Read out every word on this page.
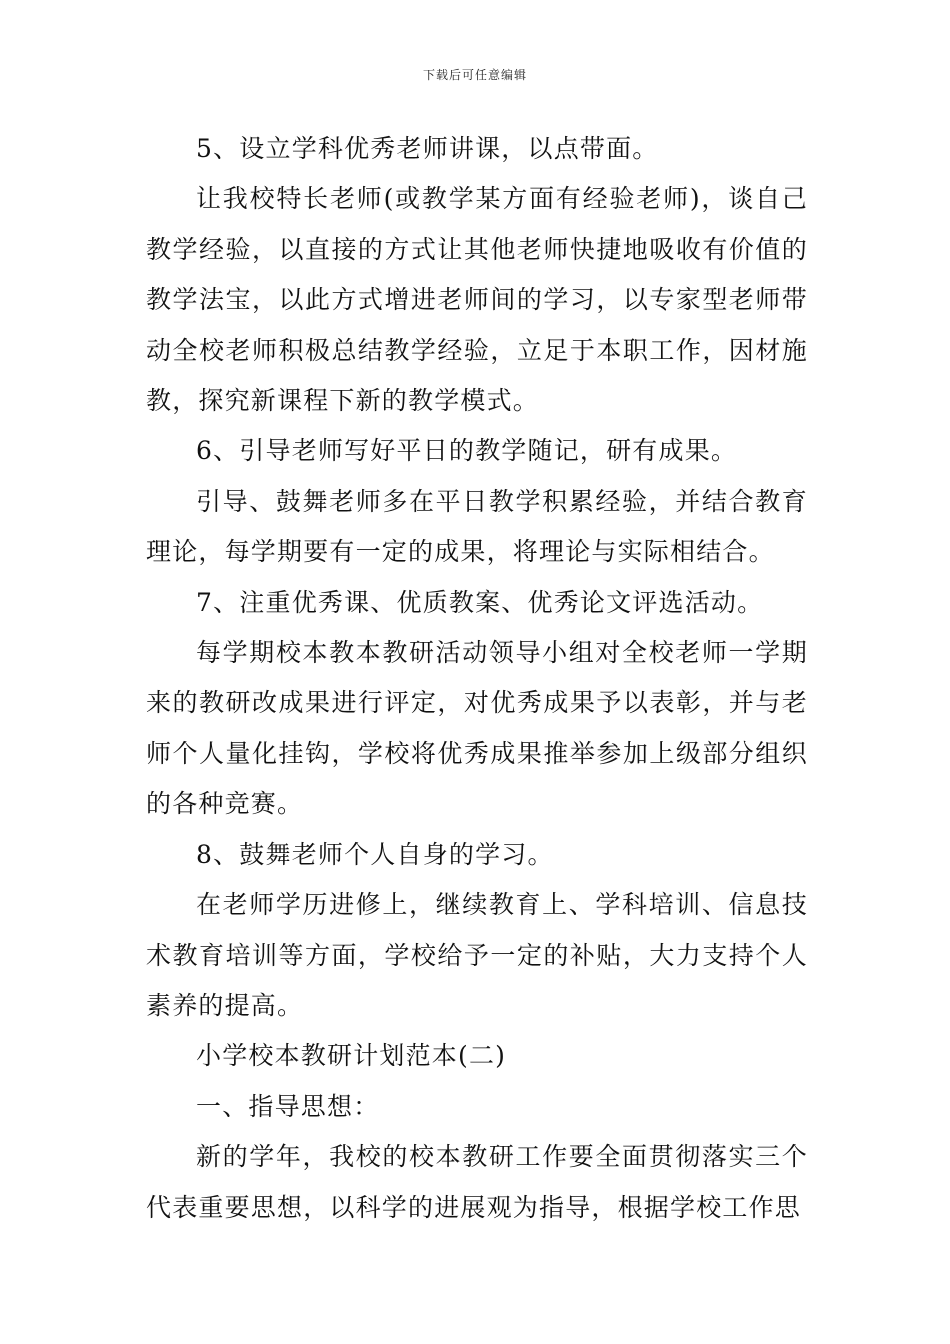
下载后可任意编辑

5、设立学科优秀老师讲课，以点带面。

让我校特长老师(或教学某方面有经验老师)，谈自己教学经验，以直接的方式让其他老师快捷地吸收有价值的教学法宝，以此方式增进老师间的学习，以专家型老师带动全校老师积极总结教学经验，立足于本职工作，因材施教，探究新课程下新的教学模式。

6、引导老师写好平日的教学随记，研有成果。

引导、鼓舞老师多在平日教学积累经验，并结合教育理论，每学期要有一定的成果，将理论与实际相结合。

7、注重优秀课、优质教案、优秀论文评选活动。

每学期校本教本教研活动领导小组对全校老师一学期来的教研改成果进行评定，对优秀成果予以表彰，并与老师个人量化挂钩，学校将优秀成果推举参加上级部分组织的各种竞赛。

8、鼓舞老师个人自身的学习。

在老师学历进修上，继续教育上、学科培训、信息技术教育培训等方面，学校给予一定的补贴，大力支持个人素养的提高。

小学校本教研计划范本(二)

一、指导思想：

新的学年，我校的校本教研工作要全面贯彻落实三个代表重要思想，以科学的进展观为指导，根据学校工作思
